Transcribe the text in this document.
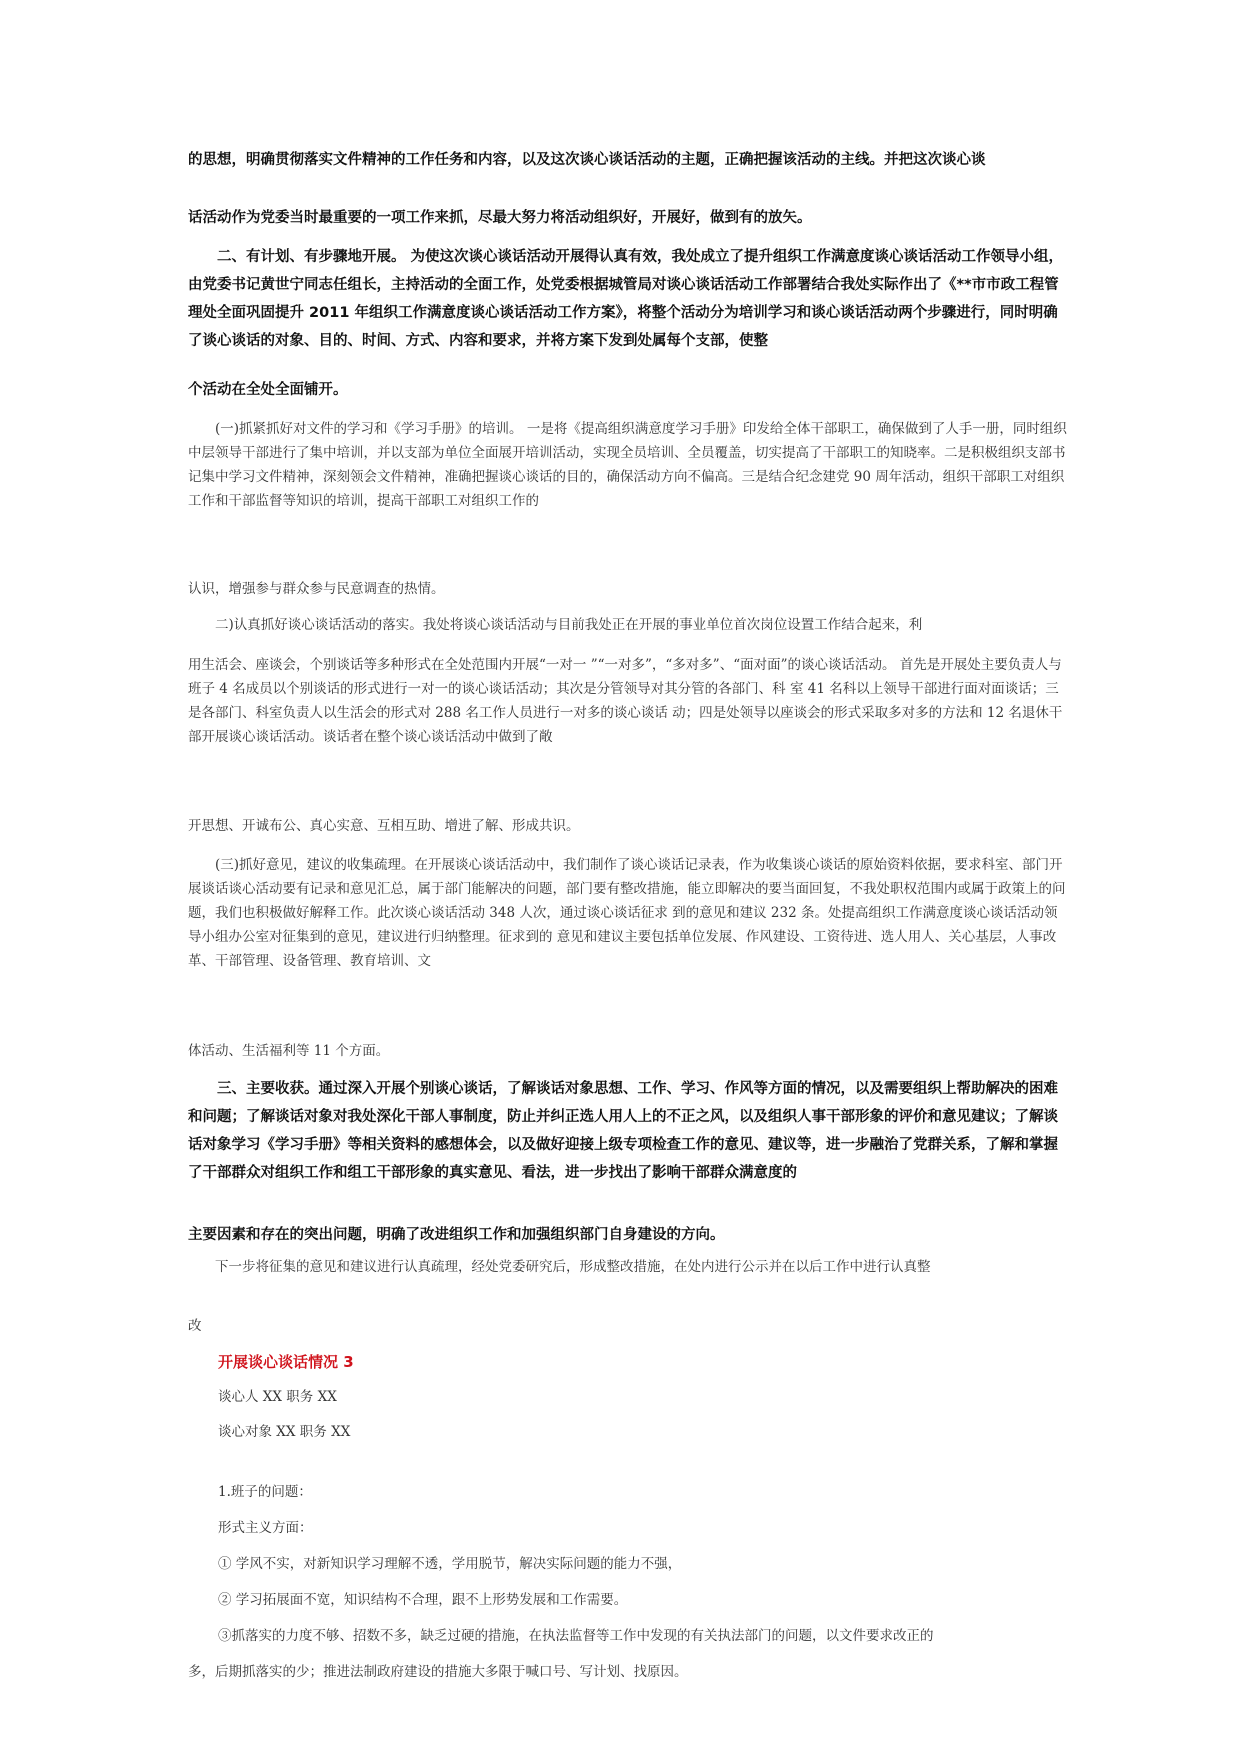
的思想，明确贯彻落实文件精神的工作任务和内容，以及这次谈心谈话活动的主题，正确把握该活动的主线。并把这次谈心谈

话活动作为党委当时最重要的一项工作来抓，尽最大努力将活动组织好，开展好，做到有的放矢。

二、有计划、有步骤地开展。 为使这次谈心谈话活动开展得认真有效，我处成立了提升组织工作满意度谈心谈话活动工作领导小组，由党委书记黄世宁同志任组长，主持活动的全面工作，处党委根据城管局对谈心谈话活动工作部署结合我处实际作出了《**市市政工程管理处全面巩固提升 2011 年组织工作满意度谈心谈话活动工作方案》，将整个活动分为培训学习和谈心谈话活动两个步骤进行，同时明确了谈心谈话的对象、目的、时间、方式、内容和要求，并将方案下发到处属每个支部，使整

个活动在全处全面铺开。

(一)抓紧抓好对文件的学习和《学习手册》的培训。 一是将《提高组织满意度学习手册》印发给全体干部职工，确保做到了人手一册，同时组织中层领导干部进行了集中培训，并以支部为单位全面展开培训活动，实现全员培训、全员覆盖，切实提高了干部职工的知晓率。二是积极组织支部书记集中学习文件精神，深刻领会文件精神，准确把握谈心谈话的目的，确保活动方向不偏高。三是结合纪念建党 90 周年活动，组织干部职工对组织工作和干部监督等知识的培训，提高干部职工对组织工作的

认识，增强参与群众参与民意调查的热情。

二)认真抓好谈心谈话活动的落实。我处将谈心谈话活动与目前我处正在开展的事业单位首次岗位设置工作结合起来，利

用生活会、座谈会，个别谈话等多种形式在全处范围内开展“一对一 ”“一对多”，“多对多”、“面对面”的谈心谈话活动。 首先是开展处主要负责人与班子 4 名成员以个别谈话的形式进行一对一的谈心谈话活动；其次是分管领导对其分管的各部门、科 室 41 名科以上领导干部进行面对面谈话；三是各部门、科室负责人以生活会的形式对 288 名工作人员进行一对多的谈心谈话 动；四是处领导以座谈会的形式采取多对多的方法和 12 名退休干部开展谈心谈话活动。谈话者在整个谈心谈话活动中做到了敞

开思想、开诚布公、真心实意、互相互助、增进了解、形成共识。

(三)抓好意见，建议的收集疏理。在开展谈心谈话活动中，我们制作了谈心谈话记录表，作为收集谈心谈话的原始资料依据，要求科室、部门开展谈话谈心活动要有记录和意见汇总，属于部门能解决的问题，部门要有整改措施，能立即解决的要当面回复，不我处职权范围内或属于政策上的问题，我们也积极做好解释工作。此次谈心谈话活动 348 人次，通过谈心谈话征求 到的意见和建议 232 条。处提高组织工作满意度谈心谈话活动领导小组办公室对征集到的意见，建议进行归纳整理。征求到的 意见和建议主要包括单位发展、作风建设、工资待进、选人用人、关心基层，人事改革、干部管理、设备管理、教育培训、文

体活动、生活福利等 11 个方面。

三、主要收获。通过深入开展个别谈心谈话，了解谈话对象思想、工作、学习、作风等方面的情况，以及需要组织上帮助解决的困难和问题；了解谈话对象对我处深化干部人事制度，防止并纠正选人用人上的不正之风，以及组织人事干部形象的评价和意见建议；了解谈话对象学习《学习手册》等相关资料的感想体会，以及做好迎接上级专项检查工作的意见、建议等，进一步融治了党群关系，了解和掌握了干部群众对组织工作和组工干部形象的真实意见、看法，进一步找出了影响干部群众满意度的

主要因素和存在的突出问题，明确了改进组织工作和加强组织部门自身建设的方向。

下一步将征集的意见和建议进行认真疏理，经处党委研究后，形成整改措施，在处内进行公示并在以后工作中进行认真整

改

开展谈心谈话情况 3

谈心人 XX 职务 XX

谈心对象 XX 职务 XX

1.班子的问题：

形式主义方面：

① 学风不实，对新知识学习理解不透，学用脱节，解决实际问题的能力不强，

② 学习拓展面不宽，知识结构不合理，跟不上形势发展和工作需要。

③抓落实的力度不够、招数不多，缺乏过硬的措施，在执法监督等工作中发现的有关执法部门的问题，以文件要求改正的

多，后期抓落实的少；推进法制政府建设的措施大多限于喊口号、写计划、找原因。
